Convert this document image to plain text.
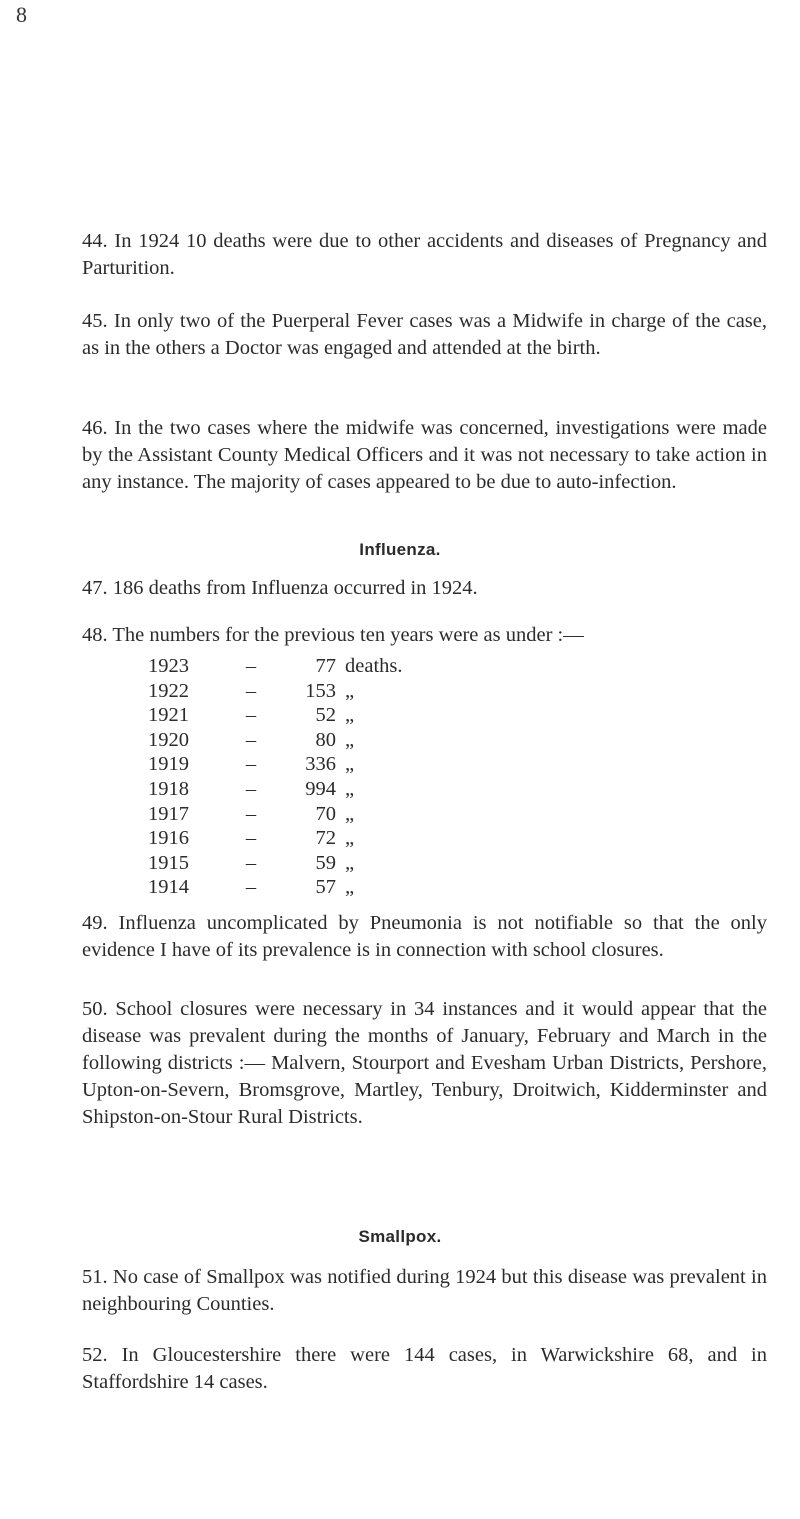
8

44. In 1924 10 deaths were due to other accidents and diseases of Pregnancy and Parturition.

45. In only two of the Puerperal Fever cases was a Midwife in charge of the case, as in the others a Doctor was engaged and attended at the birth.

46. In the two cases where the midwife was concerned, investigations were made by the Assistant County Medical Officers and it was not necessary to take action in any instance. The majority of cases appeared to be due to auto-infection.

Influenza.

47. 186 deaths from Influenza occurred in 1924.

48. The numbers for the previous ten years were as under :—

1923	–	77	deaths.
1922	–	153	„
1921	–	52	„
1920	–	80	„
1919	–	336	„
1918	–	994	„
1917	–	70	„
1916	–	72	„
1915	–	59	„
1914	–	57	„

49. Influenza uncomplicated by Pneumonia is not notifiable so that the only evidence I have of its prevalence is in connection with school closures.

50. School closures were necessary in 34 instances and it would appear that the disease was prevalent during the months of January, February and March in the following districts :— Malvern, Stourport and Evesham Urban Districts, Pershore, Upton-on-Severn, Bromsgrove, Martley, Tenbury, Droitwich, Kidderminster and Shipston-on-Stour Rural Districts.

Smallpox.

51. No case of Smallpox was notified during 1924 but this disease was prevalent in neighbouring Counties.

52. In Gloucestershire there were 144 cases, in Warwickshire 68, and in Staffordshire 14 cases.
